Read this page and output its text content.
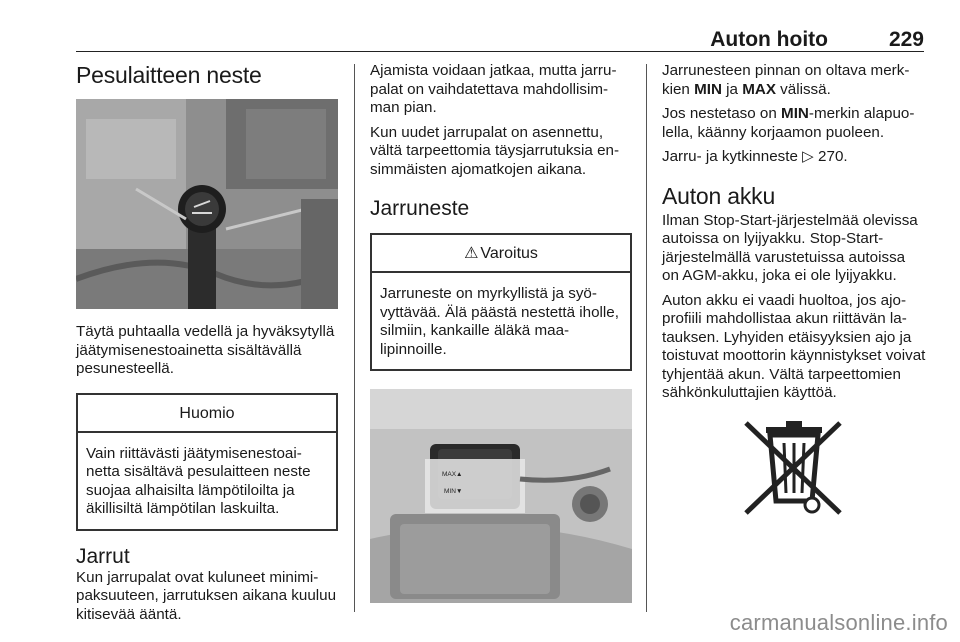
Auton hoito	229
Pesulaitteen neste

Täytä puhtaalla vedellä ja hyväksytyllä jäätymisenestoainetta sisältävällä pesunesteellä.

Huomio
Vain riittävästi jäätymisenestoainetta sisältävä pesulaitteen neste suojaa alhaisilta lämpötiloilta ja äkillisiltä lämpötilan laskuilta.
Jarrut

Kun jarrupalat ovat kuluneet minimipaksuuteen, jarrutuksen aikana kuuluu kitisevää ääntä.

Ajamista voidaan jatkaa, mutta jarrupalat on vaihdatettava mahdollisimman pian.

Kun uudet jarrupalat on asennettu, vältä tarpeettomia täysjarrutuksia ensimmäisten ajomatkojen aikana.

Jarruneste
⚠ Varoitus
Jarruneste on myrkyllistä ja syövyttävää. Älä päästä nestettä iholle, silmiin, kankaille äläkä maalipinnoille.
MAX ▲
MIN ▼

Jarrunesteen pinnan on oltava merkkien MIN ja MAX välissä.

Jos nestetaso on MIN-merkin alapuolella, käänny korjaamon puoleen.

Jarru- ja kytkinneste ▷ 270.

Auton akku

Ilman Stop-Start-järjestelmää olevissa autoissa on lyijyakku. Stop-Start-järjestelmällä varustetuissa autoissa on AGM-akku, joka ei ole lyijyakku.

Auton akku ei vaadi huoltoa, jos ajoprofiili mahdollistaa akun riittävän latauksen. Lyhyiden etäisyyksien ajo ja toistuvat moottorin käynnistykset voivat tyhjentää akun. Vältä tarpeettomien sähkönkuluttajien käyttöä.

carmanualsonline.info
